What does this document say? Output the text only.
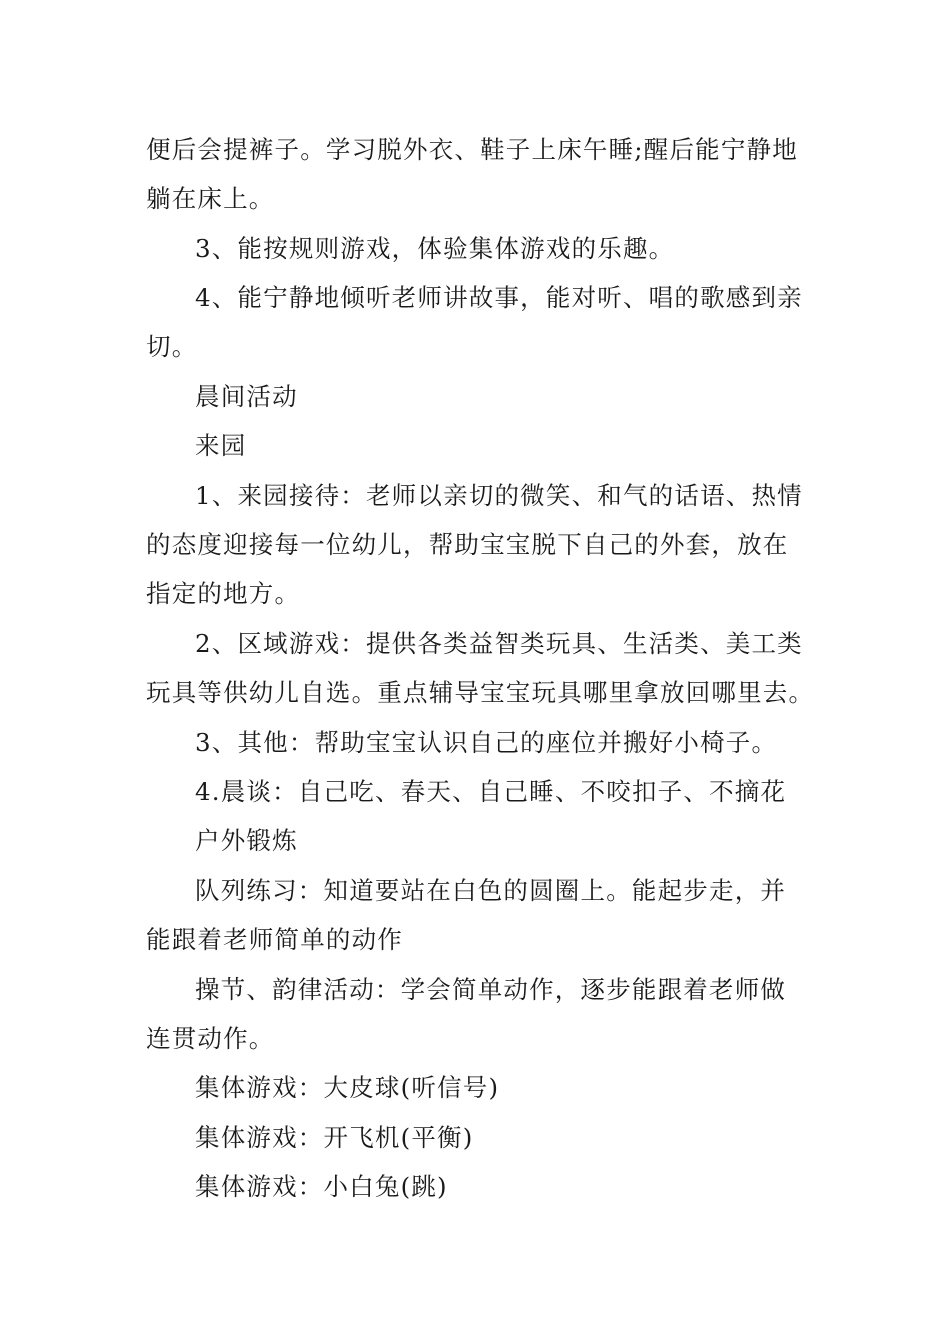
便后会提裤子。学习脱外衣、鞋子上床午睡;醒后能宁静地
躺在床上。
3、能按规则游戏，体验集体游戏的乐趣。
4、能宁静地倾听老师讲故事，能对听、唱的歌感到亲
切。
晨间活动
来园
1、来园接待：老师以亲切的微笑、和气的话语、热情
的态度迎接每一位幼儿，帮助宝宝脱下自己的外套，放在
指定的地方。
2、区域游戏：提供各类益智类玩具、生活类、美工类
玩具等供幼儿自选。重点辅导宝宝玩具哪里拿放回哪里去。
3、其他：帮助宝宝认识自己的座位并搬好小椅子。
4.晨谈：自己吃、春天、自己睡、不咬扣子、不摘花
户外锻炼
队列练习：知道要站在白色的圆圈上。能起步走，并
能跟着老师简单的动作
操节、韵律活动：学会简单动作，逐步能跟着老师做
连贯动作。
集体游戏：大皮球(听信号)
集体游戏：开飞机(平衡)
集体游戏：小白兔(跳)
